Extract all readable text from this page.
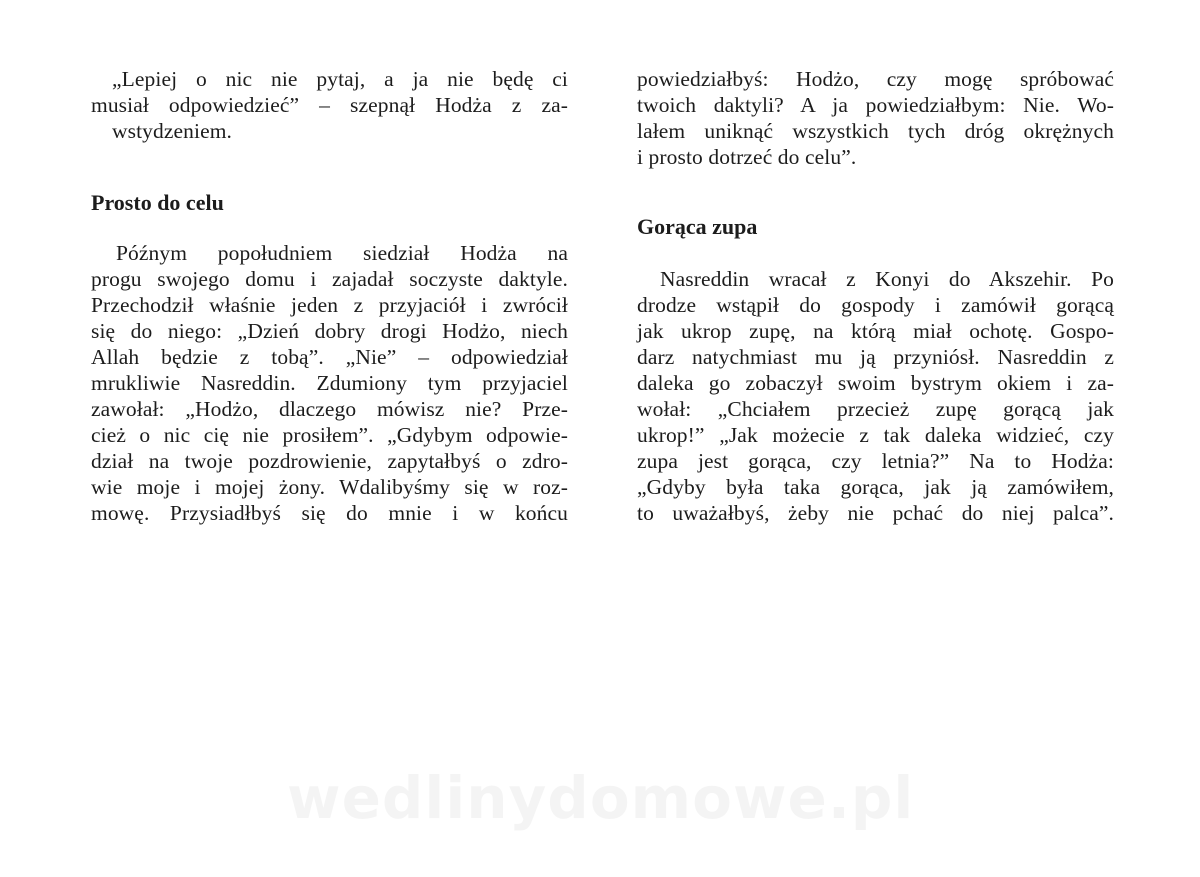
„Lepiej o nic nie pytaj, a ja nie będę ci
musiał odpowiedzieć” – szepnął Hodża z za-
wstydzeniem.
Prosto do celu
Późnym popołudniem siedział Hodża na
progu swojego domu i zajadał soczyste daktyle.
Przechodził właśnie jeden z przyjaciół i zwrócił
się do niego: „Dzień dobry drogi Hodżo, niech
Allah będzie z tobą”. „Nie” – odpowiedział
mrukliwie Nasreddin. Zdumiony tym przyjaciel
zawołał: „Hodżo, dlaczego mówisz nie? Prze-
cież o nic cię nie prosiłem”. „Gdybym odpowie-
dział na twoje pozdrowienie, zapytałbyś o zdro-
wie moje i mojej żony. Wdalibyśmy się w roz-
mowę. Przysiadłbyś się do mnie i w końcu
powiedziałbyś: Hodżo, czy mogę spróbować
twoich daktyli? A ja powiedziałbym: Nie. Wo-
lałem uniknąć wszystkich tych dróg okrężnych
i prosto dotrzeć do celu”.
Gorąca zupa
Nasreddin wracał z Konyi do Akszehir. Po
drodze wstąpił do gospody i zamówił gorącą
jak ukrop zupę, na którą miał ochotę. Gospo-
darz natychmiast mu ją przyniósł. Nasreddin z
daleka go zobaczył swoim bystrym okiem i za-
wołał: „Chciałem przecież zupę gorącą jak
ukrop!” „Jak możecie z tak daleka widzieć, czy
zupa jest gorąca, czy letnia?” Na to Hodża:
„Gdyby była taka gorąca, jak ją zamówiłem,
to uważałbyś, żeby nie pchać do niej palca”.
